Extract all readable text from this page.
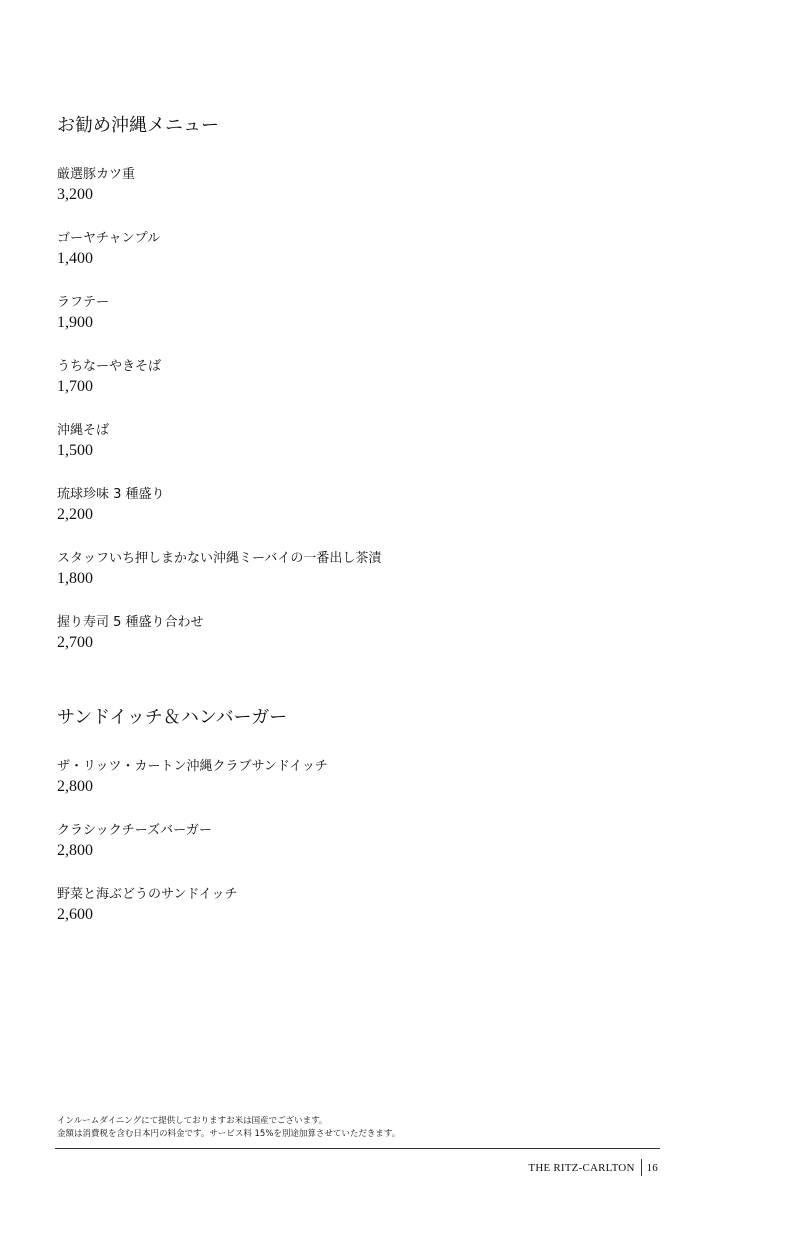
お勧め沖縄メニュー
厳選豚カツ重
3,200
ゴーヤチャンプル
1,400
ラフテー
1,900
うちなーやきそば
1,700
沖縄そば
1,500
琉球珍味 3 種盛り
2,200
スタッフいち押しまかない沖縄ミーバイの一番出し茶漬
1,800
握り寿司 5 種盛り合わせ
2,700
サンドイッチ＆ハンバーガー
ザ・リッツ・カートン沖縄クラブサンドイッチ
2,800
クラシックチーズバーガー
2,800
野菜と海ぶどうのサンドイッチ
2,600
インルームダイニングにて提供しておりますお米は国産でございます。
金額は消費税を含む日本円の料金です。サービス料 15%を別途加算させていただきます。
THE RITZ-CARLTON 16
